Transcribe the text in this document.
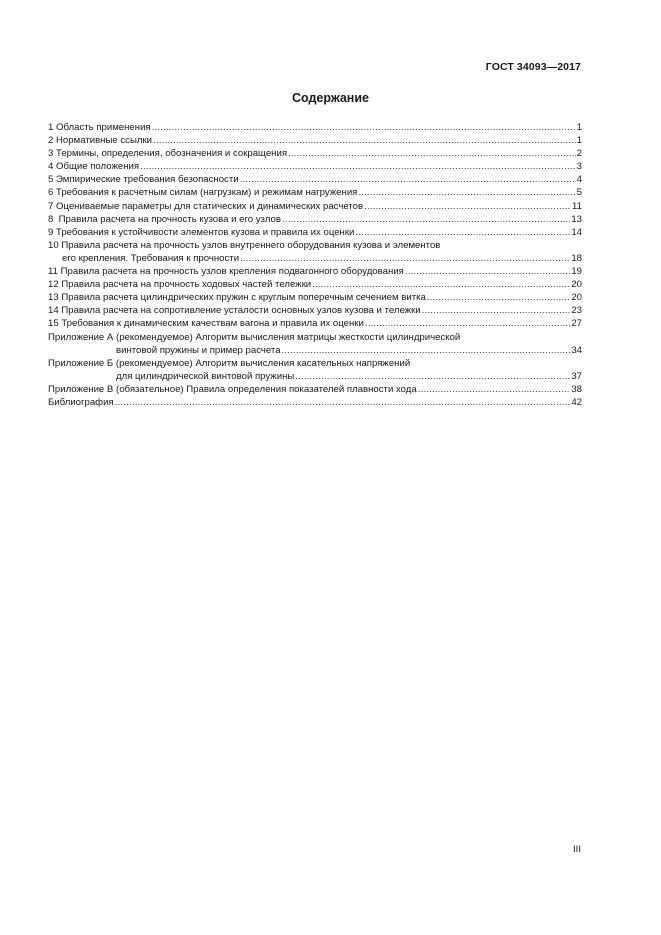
ГОСТ 34093—2017
Содержание
1 Область применения .....	1
2 Нормативные ссылки .....	1
3 Термины, определения, обозначения и сокращения .....	2
4 Общие положения .....	3
5 Эмпирические требования безопасности .....	4
6 Требования к расчетным силам (нагрузкам) и режимам нагружения .....	5
7 Оцениваемые параметры для статических и динамических расчетов .....	11
8  Правила расчета на прочность кузова и его узлов .....	13
9 Требования к устойчивости элементов кузова и правила их оценки .....	14
10 Правила расчета на прочность узлов внутреннего оборудования кузова и элементов
его крепления. Требования к прочности .....	18
11 Правила расчета на прочность узлов крепления подвагонного оборудования .....	19
12 Правила расчета на прочность ходовых частей тележки .....	20
13 Правила расчета цилиндрических пружин с круглым поперечным сечением витка .....	20
14 Правила расчета на сопротивление усталости основных узлов кузова и тележки .....	23
15 Требования к динамическим качествам вагона и правила их оценки .....	27
Приложение А (рекомендуемое) Алгоритм вычисления матрицы жесткости цилиндрической
винтовой пружины и пример расчета .....	34
Приложение Б (рекомендуемое) Алгоритм вычисления касательных напряжений
для цилиндрической винтовой пружины .....	37
Приложение В (обязательное) Правила определения показателей плавности хода .....	38
Библиография .....	42
III
